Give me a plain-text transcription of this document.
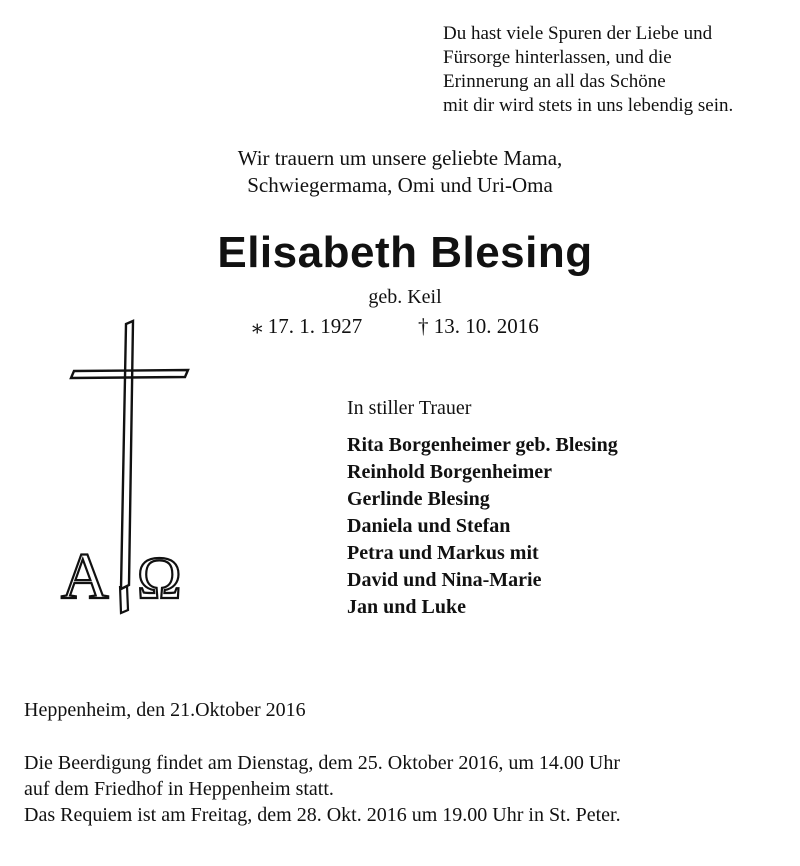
Du hast viele Spuren der Liebe und
Fürsorge hinterlassen, und die
Erinnerung an all das Schöne
mit dir wird stets in uns lebendig sein.
Wir trauern um unsere geliebte Mama,
Schwiegermama, Omi und Uri-Oma
Elisabeth Blesing
geb. Keil
⁎ 17. 1. 1927	† 13. 10. 2016
A Ω
In stiller Trauer
Rita Borgenheimer geb. Blesing
Reinhold Borgenheimer
Gerlinde Blesing
Daniela und Stefan
Petra und Markus mit
David und Nina-Marie
Jan und Luke
Heppenheim, den 21.Oktober 2016
Die Beerdigung findet am Dienstag, dem 25. Oktober 2016, um 14.00 Uhr
auf dem Friedhof in Heppenheim statt.
Das Requiem ist am Freitag, dem 28. Okt. 2016 um 19.00 Uhr in St. Peter.
